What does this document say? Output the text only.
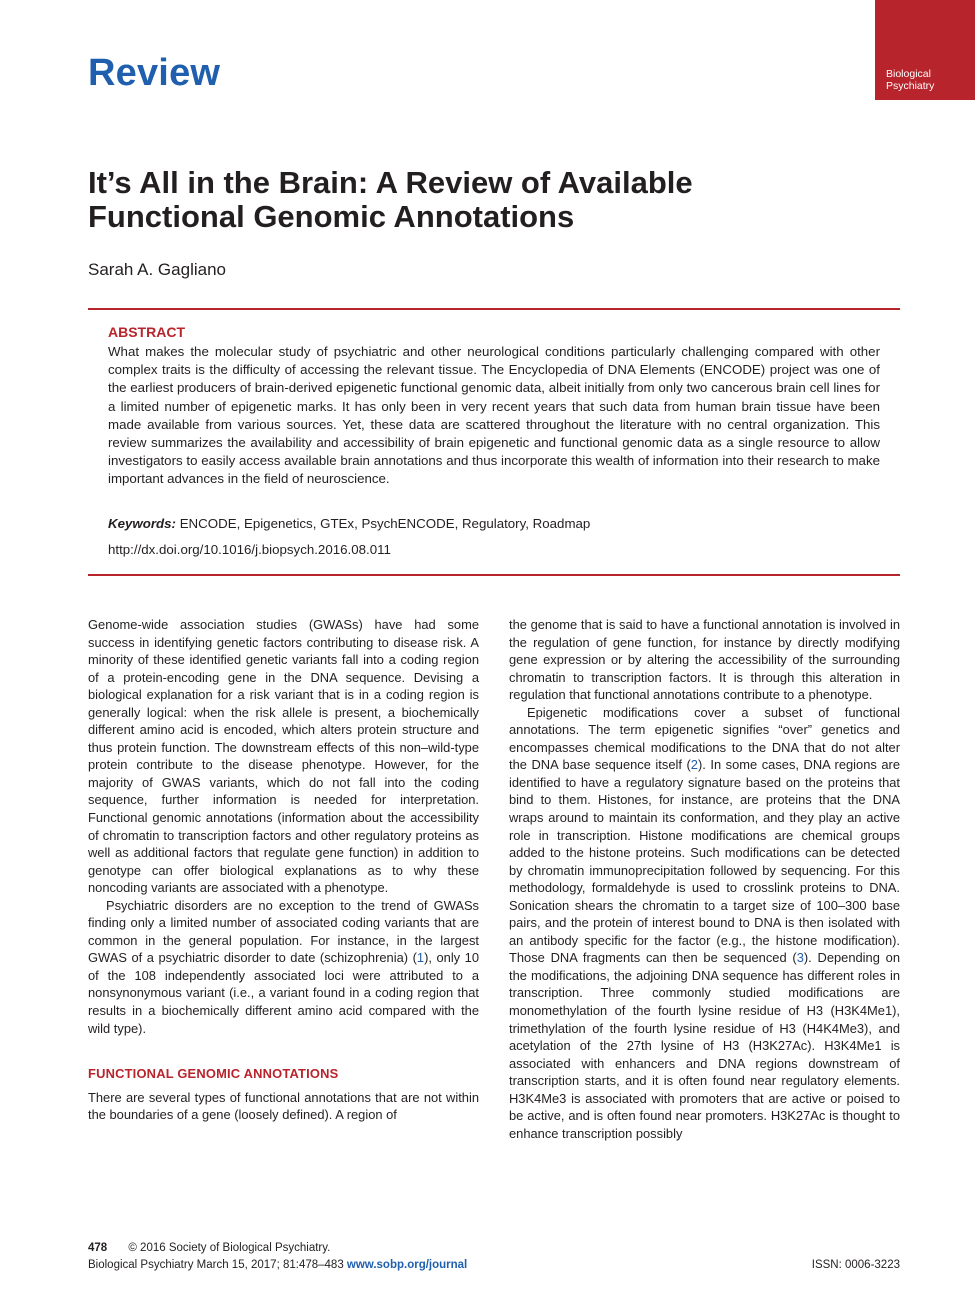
Review	Biological
Psychiatry
It’s All in the Brain: A Review of Available
Functional Genomic Annotations
Sarah A. Gagliano
ABSTRACT

What makes the molecular study of psychiatric and other neurological conditions particularly challenging compared with other complex traits is the difficulty of accessing the relevant tissue. The Encyclopedia of DNA Elements (ENCODE) project was one of the earliest producers of brain-derived epigenetic functional genomic data, albeit initially from only two cancerous brain cell lines for a limited number of epigenetic marks. It has only been in very recent years that such data from human brain tissue have been made available from various sources. Yet, these data are scattered throughout the literature with no central organization. This review summarizes the availability and accessibility of brain epigenetic and functional genomic data as a single resource to allow investigators to easily access available brain annotations and thus incorporate this wealth of information into their research to make important advances in the field of neuroscience.

Keywords: ENCODE, Epigenetics, GTEx, PsychENCODE, Regulatory, Roadmap
http://dx.doi.org/10.1016/j.biopsych.2016.08.011

Genome-wide association studies (GWASs) have had some success in identifying genetic factors contributing to disease risk. A minority of these identified genetic variants fall into a coding region of a protein-encoding gene in the DNA sequence. Devising a biological explanation for a risk variant that is in a coding region is generally logical: when the risk allele is present, a biochemically different amino acid is encoded, which alters protein structure and thus protein function. The downstream effects of this non–wild-type protein contribute to the disease phenotype. However, for the majority of GWAS variants, which do not fall into the coding sequence, further information is needed for interpretation. Functional genomic annotations (information about the accessibility of chromatin to transcription factors and other regulatory proteins as well as additional factors that regulate gene function) in addition to genotype can offer biological explanations as to why these noncoding variants are associated with a phenotype.

Psychiatric disorders are no exception to the trend of GWASs finding only a limited number of associated coding variants that are common in the general population. For instance, in the largest GWAS of a psychiatric disorder to date (schizophrenia) (1), only 10 of the 108 independently associated loci were attributed to a nonsynonymous variant (i.e., a variant found in a coding region that results in a biochemically different amino acid compared with the wild type).

FUNCTIONAL GENOMIC ANNOTATIONS

There are several types of functional annotations that are not within the boundaries of a gene (loosely defined). A region of

the genome that is said to have a functional annotation is involved in the regulation of gene function, for instance by directly modifying gene expression or by altering the accessibility of the surrounding chromatin to transcription factors. It is through this alteration in regulation that functional annotations contribute to a phenotype.

Epigenetic modifications cover a subset of functional annotations. The term epigenetic signifies “over” genetics and encompasses chemical modifications to the DNA that do not alter the DNA base sequence itself (2). In some cases, DNA regions are identified to have a regulatory signature based on the proteins that bind to them. Histones, for instance, are proteins that the DNA wraps around to maintain its conformation, and they play an active role in transcription. Histone modifications are chemical groups added to the histone proteins. Such modifications can be detected by chromatin immunoprecipitation followed by sequencing. For this methodology, formaldehyde is used to crosslink proteins to DNA. Sonication shears the chromatin to a target size of 100–300 base pairs, and the protein of interest bound to DNA is then isolated with an antibody specific for the factor (e.g., the histone modification). Those DNA fragments can then be sequenced (3). Depending on the modifications, the adjoining DNA sequence has different roles in transcription. Three commonly studied modifications are monomethylation of the fourth lysine residue of H3 (H3K4Me1), trimethylation of the fourth lysine residue of H3 (H4K4Me3), and acetylation of the 27th lysine of H3 (H3K27Ac). H3K4Me1 is associated with enhancers and DNA regions downstream of transcription starts, and it is often found near regulatory elements. H3K4Me3 is associated with promoters that are active or poised to be active, and is often found near promoters. H3K27Ac is thought to enhance transcription possibly

478 © 2016 Society of Biological Psychiatry.
Biological Psychiatry March 15, 2017; 81:478–483 www.sobp.org/journal	ISSN: 0006-3223
